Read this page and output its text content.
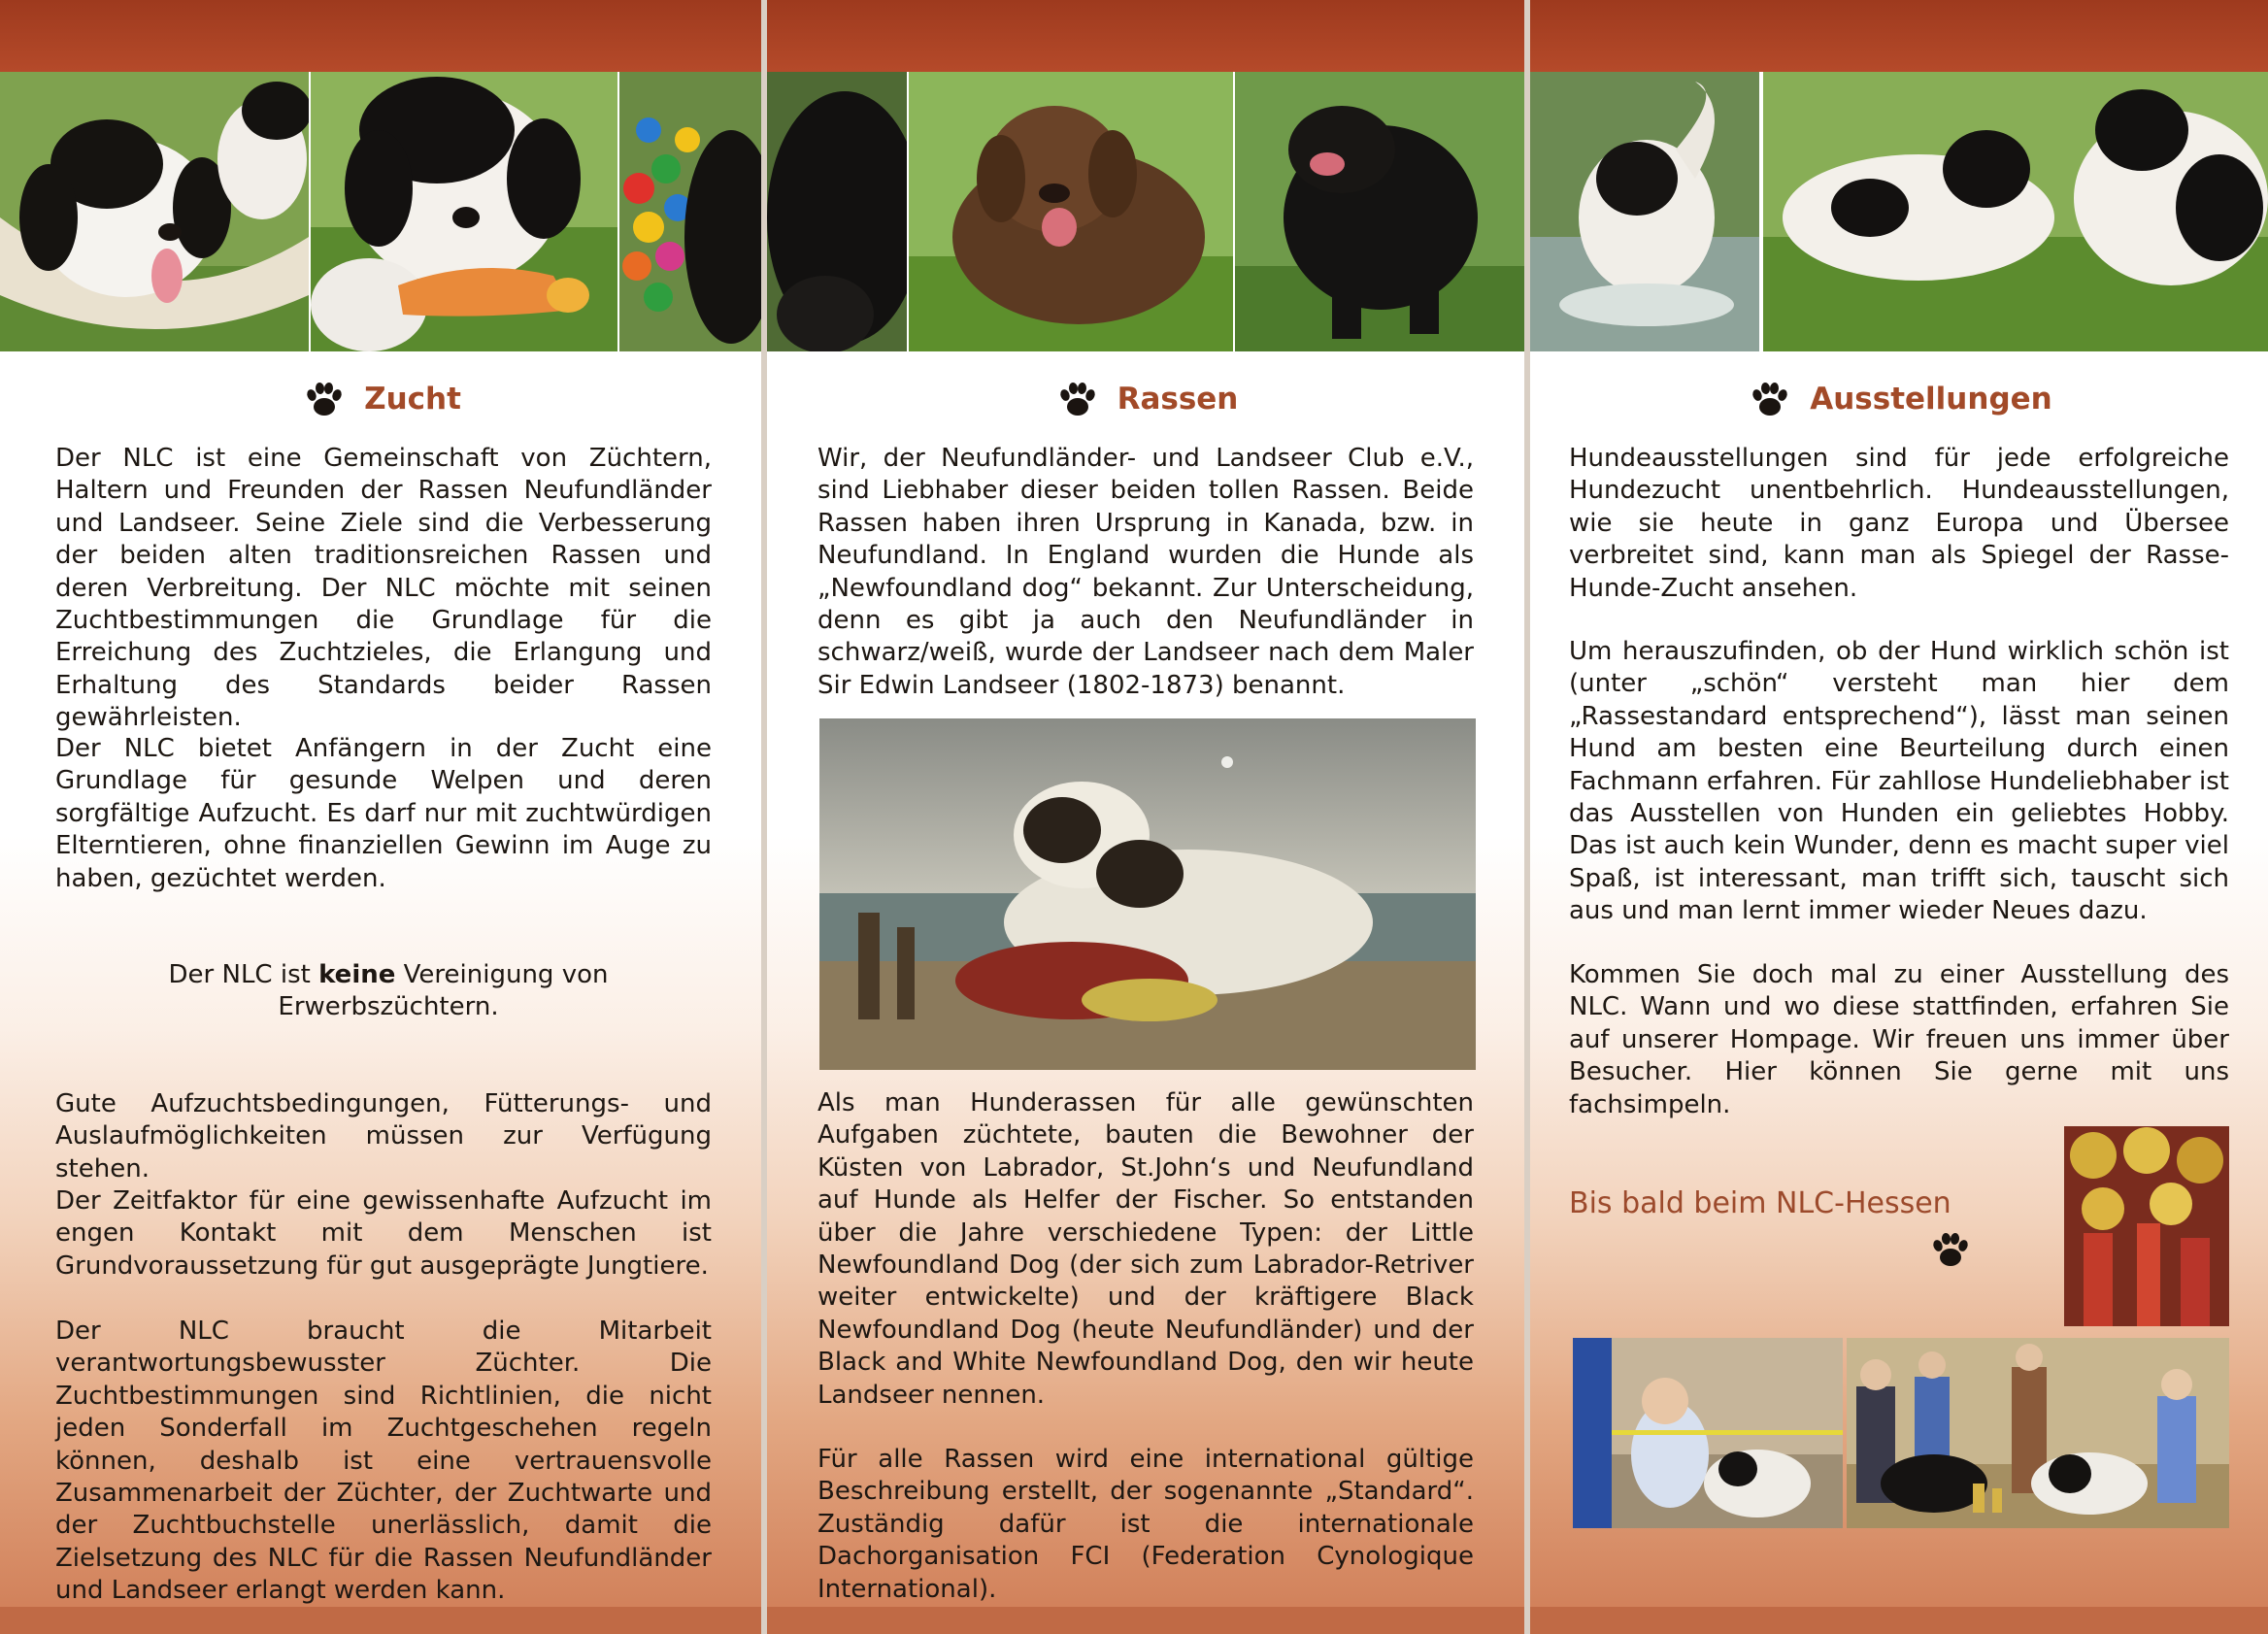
Zucht

Der NLC ist eine Gemeinschaft von Züchtern, Haltern und Freunden der Rassen Neufundländer und Landseer. Seine Ziele sind die Verbesserung der beiden alten traditionsreichen Rassen und deren Verbreitung. Der NLC möchte mit seinen Zuchtbestimmungen die Grundlage für die Erreichung des Zuchtzieles, die Erlangung und Erhaltung des Standards beider Rassen gewährleisten.

Der NLC bietet Anfängern in der Zucht eine Grundlage für gesunde Welpen und deren sorgfältige Aufzucht. Es darf nur mit zuchtwürdigen Elterntieren, ohne finanziellen Gewinn im Auge zu haben, gezüchtet werden.

Der NLC ist keine Vereinigung von Erwerbszüchtern.

Gute Aufzuchtsbedingungen, Fütterungs- und Auslaufmöglichkeiten müssen zur Verfügung stehen.

Der Zeitfaktor für eine gewissenhafte Aufzucht im engen Kontakt mit dem Menschen ist Grundvoraussetzung für gut ausgeprägte Jungtiere.

Der NLC braucht die Mitarbeit verantwortungsbewusster Züchter. Die Zuchtbestimmungen sind Richtlinien, die nicht jeden Sonderfall im Zuchtgeschehen regeln können, deshalb ist eine vertrauensvolle Zusammenarbeit der Züchter, der Zuchtwarte und der Zuchtbuchstelle unerlässlich, damit die Zielsetzung des NLC für die Rassen Neufundländer und Landseer erlangt werden kann.

Rassen

Wir, der Neufundländer- und Landseer Club e.V., sind Liebhaber dieser beiden tollen Rassen. Beide Rassen haben ihren Ursprung in Kanada, bzw. in Neufundland. In England wurden die Hunde als „Newfoundland dog“ bekannt. Zur Unterscheidung, denn es gibt ja auch den Neufundländer in schwarz/weiß, wurde der Landseer nach dem Maler Sir Edwin Landseer (1802-1873) benannt.

Als man Hunderassen für alle gewünschten Aufgaben züchtete, bauten die Bewohner der Küsten von Labrador, St.John‘s und Neufundland auf Hunde als Helfer der Fischer. So entstanden über die Jahre verschiedene Typen: der Little Newfoundland Dog (der sich zum Labrador-Retriver weiter entwickelte) und der kräftigere Black Newfoundland Dog (heute Neufundländer) und der Black and White Newfoundland Dog, den wir heute Landseer nennen.

Für alle Rassen wird eine international gültige Beschreibung erstellt, der sogenannte „Standard“. Zuständig dafür ist die internationale Dachorganisation FCI (Federation Cynologique International).

Ausstellungen

Hundeausstellungen sind für jede erfolgreiche Hundezucht unentbehrlich. Hundeausstellungen, wie sie heute in ganz Europa und Übersee verbreitet sind, kann man als Spiegel der Rasse-Hunde-Zucht ansehen.

Um herauszufinden, ob der Hund wirklich schön ist (unter „schön“ versteht man hier dem „Rassestandard entsprechend“), lässt man seinen Hund am besten eine Beurteilung durch einen Fachmann erfahren. Für zahllose Hundeliebhaber ist das Ausstellen von Hunden ein geliebtes Hobby. Das ist auch kein Wunder, denn es macht super viel Spaß, ist interessant, man trifft sich, tauscht sich aus und man lernt immer wieder Neues dazu.

Kommen Sie doch mal zu einer Ausstellung des NLC. Wann und wo diese stattfinden, erfahren Sie auf unserer Hompage. Wir freuen uns immer über Besucher. Hier können Sie gerne mit uns fachsimpeln.

Bis bald beim NLC-Hessen
